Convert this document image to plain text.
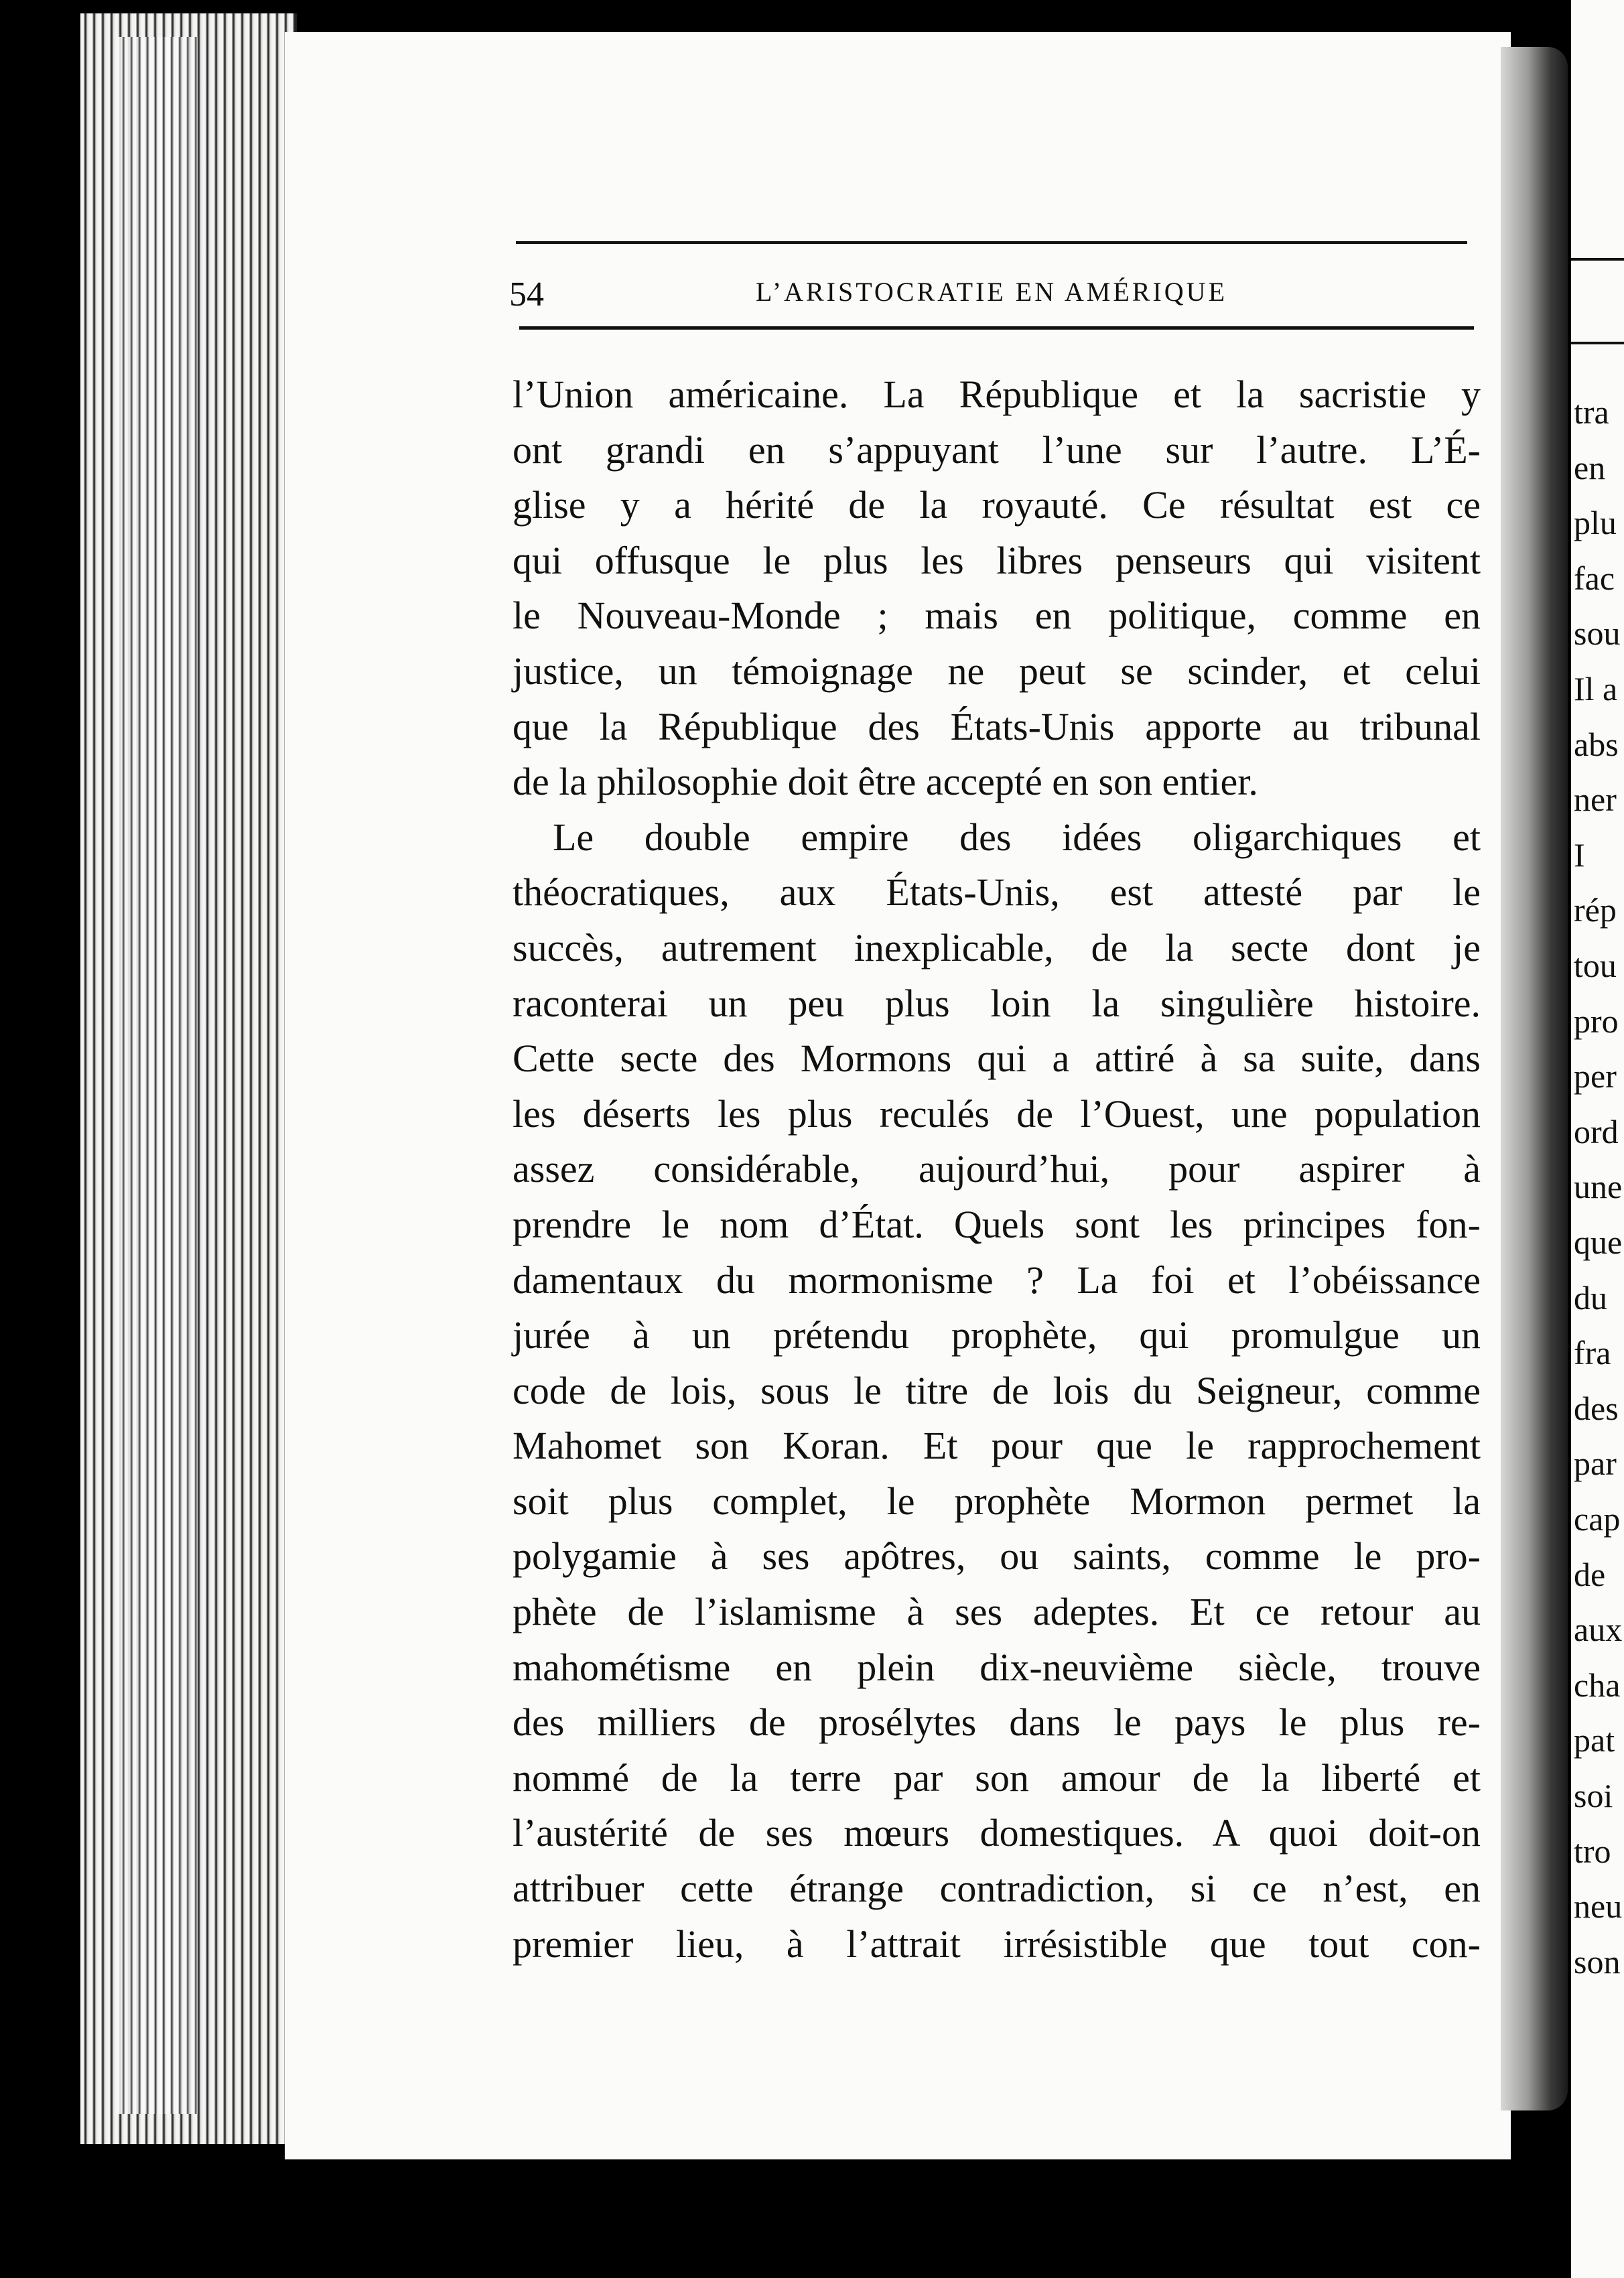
tra
en
plu
fac
sou
Il a
abs
ner
I
rép
tou
pro
per
ord
une
que
du
fra
des
par
cap
de
aux
cha
pat
soi
tro
neu
son
54	L’ARISTOCRATIE EN AMÉRIQUE
l’Union américaine. La République et la sacristie y
ont grandi en s’appuyant l’une sur l’autre. L’É-
glise y a hérité de la royauté. Ce résultat est ce
qui offusque le plus les libres penseurs qui visitent
le Nouveau-Monde ; mais en politique, comme en
justice, un témoignage ne peut se scinder, et celui
que la République des États-Unis apporte au tribunal
de la philosophie doit être accepté en son entier.
Le double empire des idées oligarchiques et
théocratiques, aux États-Unis, est attesté par le
succès, autrement inexplicable, de la secte dont je
raconterai un peu plus loin la singulière histoire.
Cette secte des Mormons qui a attiré à sa suite, dans
les déserts les plus reculés de l’Ouest, une population
assez considérable, aujourd’hui, pour aspirer à
prendre le nom d’État. Quels sont les principes fon-
damentaux du mormonisme ? La foi et l’obéissance
jurée à un prétendu prophète, qui promulgue un
code de lois, sous le titre de lois du Seigneur, comme
Mahomet son Koran. Et pour que le rapprochement
soit plus complet, le prophète Mormon permet la
polygamie à ses apôtres, ou saints, comme le pro-
phète de l’islamisme à ses adeptes. Et ce retour au
mahométisme en plein dix-neuvième siècle, trouve
des milliers de prosélytes dans le pays le plus re-
nommé de la terre par son amour de la liberté et
l’austérité de ses mœurs domestiques. A quoi doit-on
attribuer cette étrange contradiction, si ce n’est, en
premier lieu, à l’attrait irrésistible que tout con-
